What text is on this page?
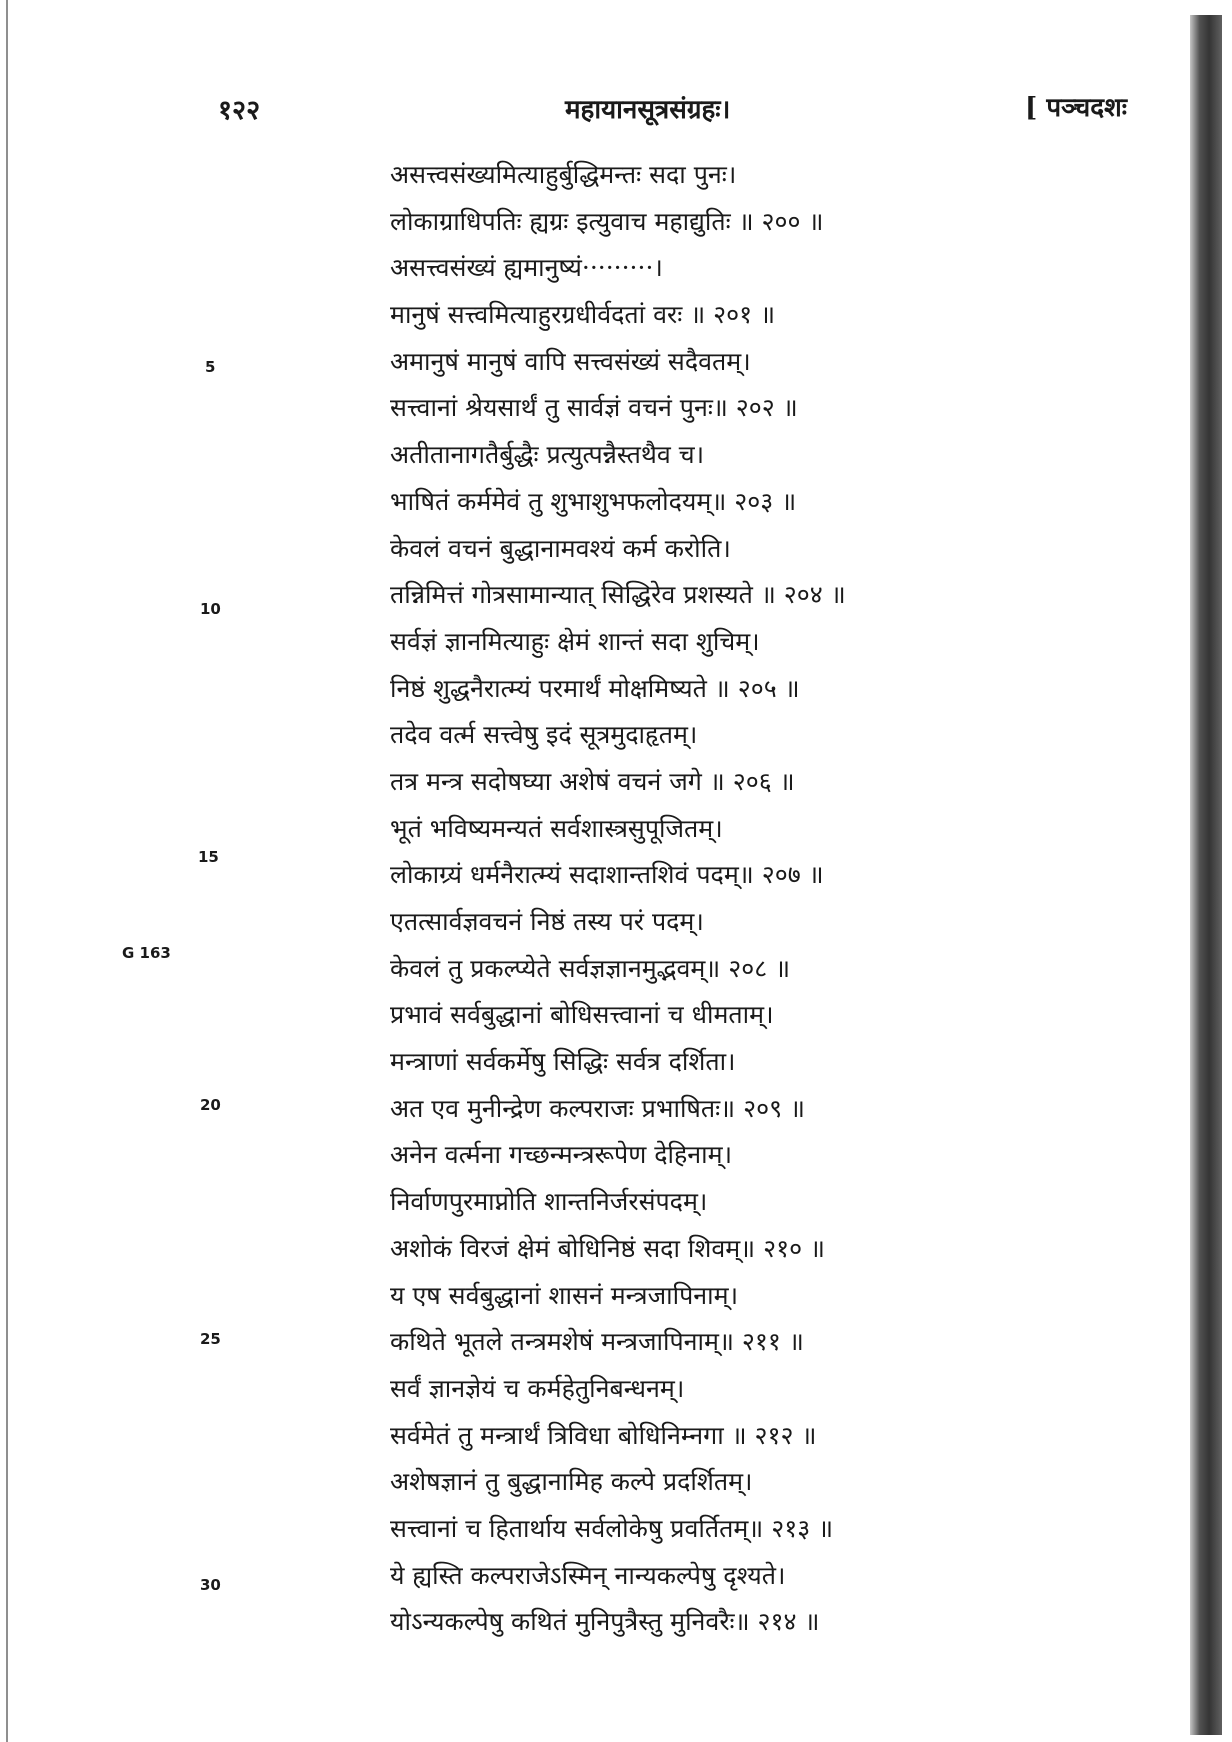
१२२	महायानसूत्रसंग्रहः।	[ पञ्चदशः
असत्त्वसंख्यमित्याहुर्बुद्धिमन्तः सदा पुनः।
लोकाग्राधिपतिः ह्यग्रः इत्युवाच महाद्युतिः ॥ २०० ॥
असत्त्वसंख्यं ह्यमानुष्यं·········।
मानुषं सत्त्वमित्याहुरग्रधीर्वदतां वरः ॥ २०१ ॥
अमानुषं मानुषं वापि सत्त्वसंख्यं सदैवतम्।
सत्त्वानां श्रेयसार्थं तु सार्वज्ञं वचनं पुनः॥ २०२ ॥
अतीतानागतैर्बुद्धैः प्रत्युत्पन्नैस्तथैव च।
भाषितं कर्ममेवं तु शुभाशुभफलोदयम्॥ २०३ ॥
केवलं वचनं बुद्धानामवश्यं कर्म करोति।
तन्निमित्तं गोत्रसामान्यात् सिद्धिरेव प्रशस्यते ॥ २०४ ॥
सर्वज्ञं ज्ञानमित्याहुः क्षेमं शान्तं सदा शुचिम्।
निष्ठं शुद्धनैरात्म्यं परमार्थं मोक्षमिष्यते ॥ २०५ ॥
तदेव वर्त्म सत्त्वेषु इदं सूत्रमुदाहृतम्।
तत्र मन्त्र सदोषघ्या अशेषं वचनं जगे ॥ २०६ ॥
भूतं भविष्यमन्यतं सर्वशास्त्रसुपूजितम्।
लोकाग्र्यं धर्मनैरात्म्यं सदाशान्तशिवं पदम्॥ २०७ ॥
एतत्सार्वज्ञवचनं निष्ठं तस्य परं पदम्।
केवलं तु प्रकल्प्येते सर्वज्ञज्ञानमुद्भवम्॥ २०८ ॥
प्रभावं सर्वबुद्धानां बोधिसत्त्वानां च धीमताम्।
मन्त्राणां सर्वकर्मेषु सिद्धिः सर्वत्र दर्शिता।
अत एव मुनीन्द्रेण कल्पराजः प्रभाषितः॥ २०९ ॥
अनेन वर्त्मना गच्छन्मन्त्ररूपेण देहिनाम्।
निर्वाणपुरमाप्नोति शान्तनिर्जरसंपदम्।
अशोकं विरजं क्षेमं बोधिनिष्ठं सदा शिवम्॥ २१० ॥
य एष सर्वबुद्धानां शासनं मन्त्रजापिनाम्।
कथिते भूतले तन्त्रमशेषं मन्त्रजापिनाम्॥ २११ ॥
सर्वं ज्ञानज्ञेयं च कर्महेतुनिबन्धनम्।
सर्वमेतं तु मन्त्रार्थं त्रिविधा बोधिनिम्नगा ॥ २१२ ॥
अशेषज्ञानं तु बुद्धानामिह कल्पे प्रदर्शितम्।
सत्त्वानां च हितार्थाय सर्वलोकेषु प्रवर्तितम्॥ २१३ ॥
ये ह्यस्ति कल्पराजेऽस्मिन् नान्यकल्पेषु दृश्यते।
योऽन्यकल्पेषु कथितं मुनिपुत्रैस्तु मुनिवरैः॥ २१४ ॥
5
10
15
20
25
30
G 163
